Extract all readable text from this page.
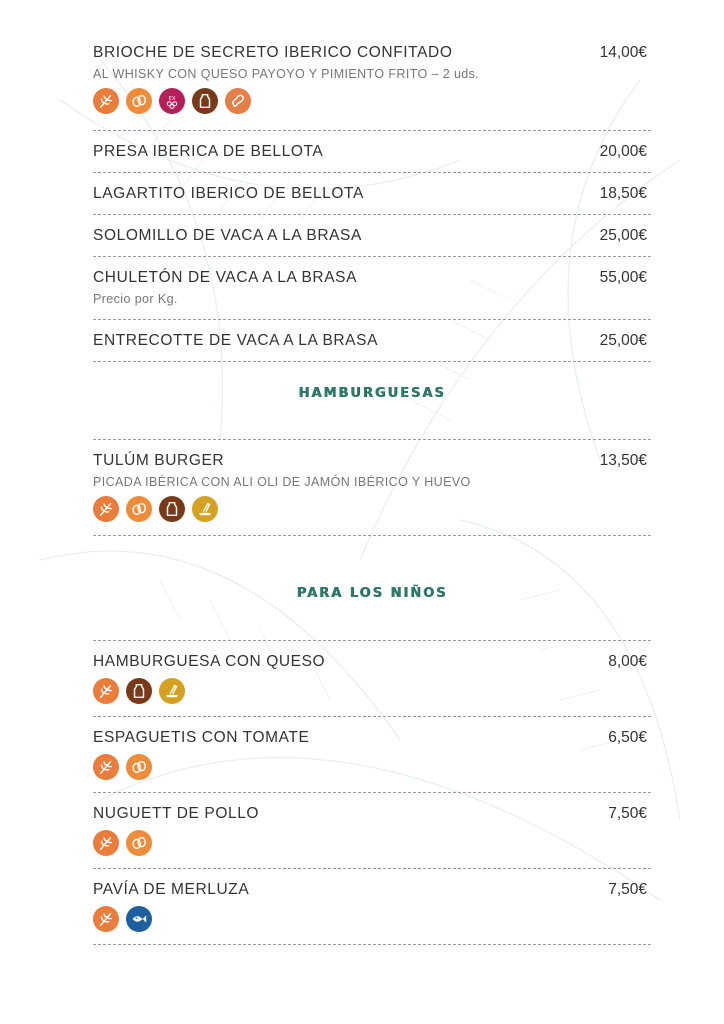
BRIOCHE DE SECRETO IBERICO CONFITADO	14,00€
AL WHISKY CON QUESO PAYOYO Y PIMIENTO FRITO – 2 uds.
EX
PRESA IBERICA DE BELLOTA	20,00€
LAGARTITO IBERICO DE BELLOTA	18,50€
SOLOMILLO DE VACA A LA BRASA	25,00€
CHULETÓN DE VACA A LA BRASA	55,00€
Precio por Kg.
ENTRECOTTE DE VACA A LA BRASA	25,00€
HAMBURGUESAS
TULÚM BURGER	13,50€
PICADA IBÉRICA CON ALI OLI DE JAMÓN IBÉRICO Y HUEVO
PARA LOS NIÑOS
HAMBURGUESA CON QUESO	8,00€
ESPAGUETIS CON TOMATE	6,50€
NUGUETT DE POLLO	7,50€
PAVÍA DE MERLUZA	7,50€
